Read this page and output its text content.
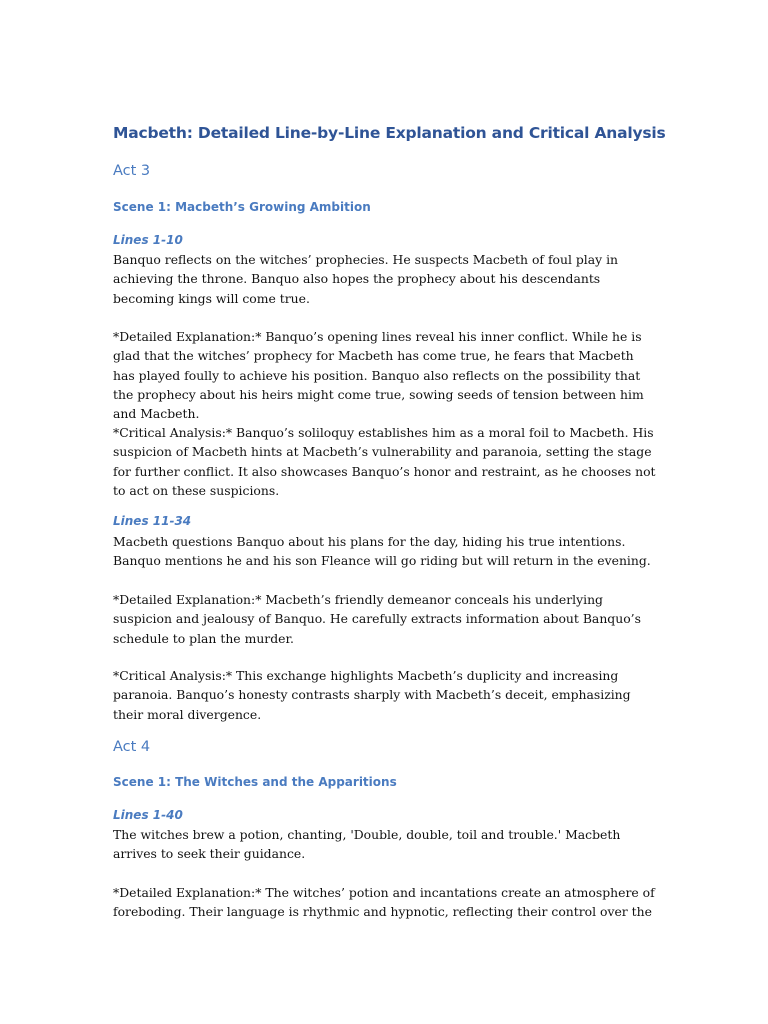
Macbeth: Detailed Line-by-Line Explanation and Critical Analysis
Act 3
Scene 1: Macbeth’s Growing Ambition
Lines 1-10

Banquo reflects on the witches’ prophecies. He suspects Macbeth of foul play in achieving the throne. Banquo also hopes the prophecy about his descendants becoming kings will come true.

*Detailed Explanation:* Banquo’s opening lines reveal his inner conflict. While he is glad that the witches’ prophecy for Macbeth has come true, he fears that Macbeth has played foully to achieve his position. Banquo also reflects on the possibility that the prophecy about his heirs might come true, sowing seeds of tension between him and Macbeth.

*Critical Analysis:* Banquo’s soliloquy establishes him as a moral foil to Macbeth. His suspicion of Macbeth hints at Macbeth’s vulnerability and paranoia, setting the stage for further conflict. It also showcases Banquo’s honor and restraint, as he chooses not to act on these suspicions.

Lines 11-34

Macbeth questions Banquo about his plans for the day, hiding his true intentions. Banquo mentions he and his son Fleance will go riding but will return in the evening.

*Detailed Explanation:* Macbeth’s friendly demeanor conceals his underlying suspicion and jealousy of Banquo. He carefully extracts information about Banquo’s schedule to plan the murder.

*Critical Analysis:* This exchange highlights Macbeth’s duplicity and increasing paranoia. Banquo’s honesty contrasts sharply with Macbeth’s deceit, emphasizing their moral divergence.

Act 4
Scene 1: The Witches and the Apparitions
Lines 1-40

The witches brew a potion, chanting, 'Double, double, toil and trouble.' Macbeth arrives to seek their guidance.

*Detailed Explanation:* The witches’ potion and incantations create an atmosphere of foreboding. Their language is rhythmic and hypnotic, reflecting their control over the
